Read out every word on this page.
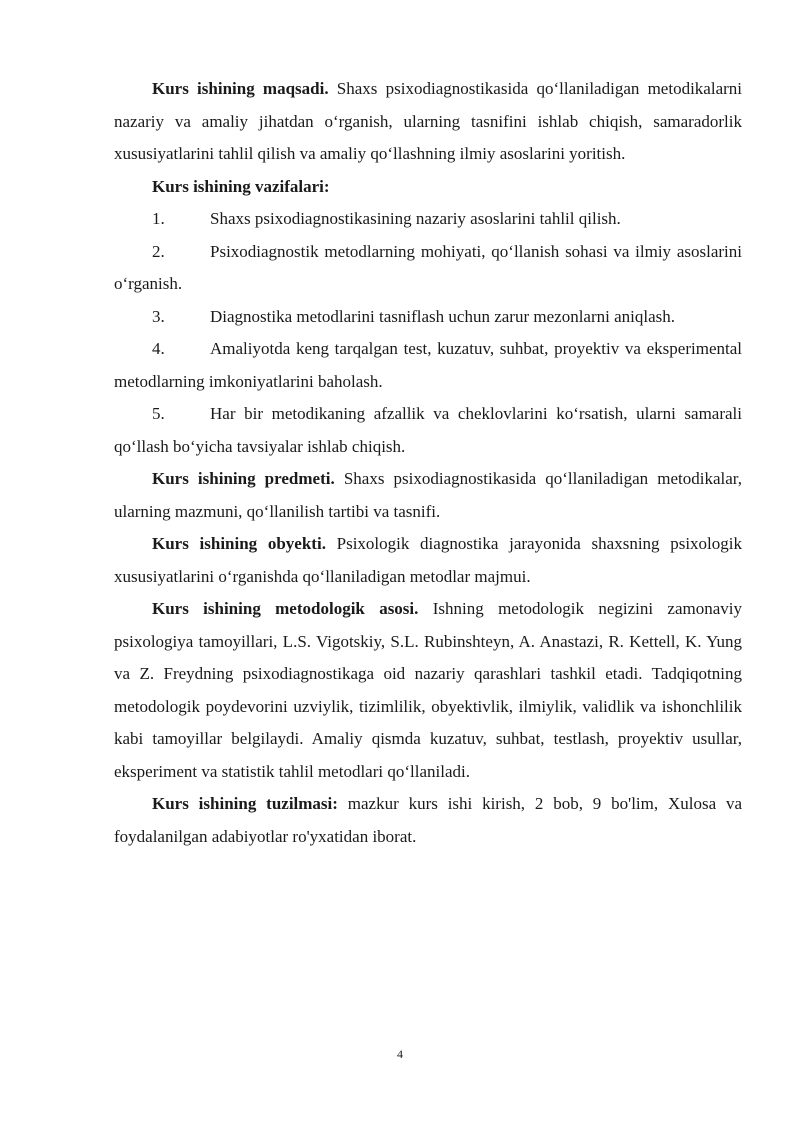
Kurs ishining maqsadi. Shaxs psixodiagnostikasida qo‘llaniladigan metodikalarni nazariy va amaliy jihatdan o‘rganish, ularning tasnifini ishlab chiqish, samaradorlik xususiyatlarini tahlil qilish va amaliy qo‘llashning ilmiy asoslarini yoritish.

Kurs ishining vazifalari:

1.	Shaxs psixodiagnostikasining nazariy asoslarini tahlil qilish.

2.	Psixodiagnostik metodlarning mohiyati, qo‘llanish sohasi va ilmiy asoslarini o‘rganish.

3.	Diagnostika metodlarini tasniflash uchun zarur mezonlarni aniqlash.

4.	Amaliyotda keng tarqalgan test, kuzatuv, suhbat, proyektiv va eksperimental metodlarning imkoniyatlarini baholash.

5.	Har bir metodikaning afzallik va cheklovlarini ko‘rsatish, ularni samarali qo‘llash bo‘yicha tavsiyalar ishlab chiqish.

Kurs ishining predmeti. Shaxs psixodiagnostikasida qo‘llaniladigan metodikalar, ularning mazmuni, qo‘llanilish tartibi va tasnifi.

Kurs ishining obyekti. Psixologik diagnostika jarayonida shaxsning psixologik xususiyatlarini o‘rganishda qo‘llaniladigan metodlar majmui.

Kurs ishining metodologik asosi. Ishning metodologik negizini zamonaviy psixologiya tamoyillari, L.S. Vigotskiy, S.L. Rubinshteyn, A. Anastazi, R. Kettell, K. Yung va Z. Freydning psixodiagnostikaga oid nazariy qarashlari tashkil etadi. Tadqiqotning metodologik poydevorini uzviylik, tizimlilik, obyektivlik, ilmiylik, validlik va ishonchlilik kabi tamoyillar belgilaydi. Amaliy qismda kuzatuv, suhbat, testlash, proyektiv usullar, eksperiment va statistik tahlil metodlari qo‘llaniladi.

Kurs ishining tuzilmasi: mazkur kurs ishi kirish, 2 bob, 9 bo'lim, Xulosa va foydalanilgan adabiyotlar ro'yxatidan iborat.

4
